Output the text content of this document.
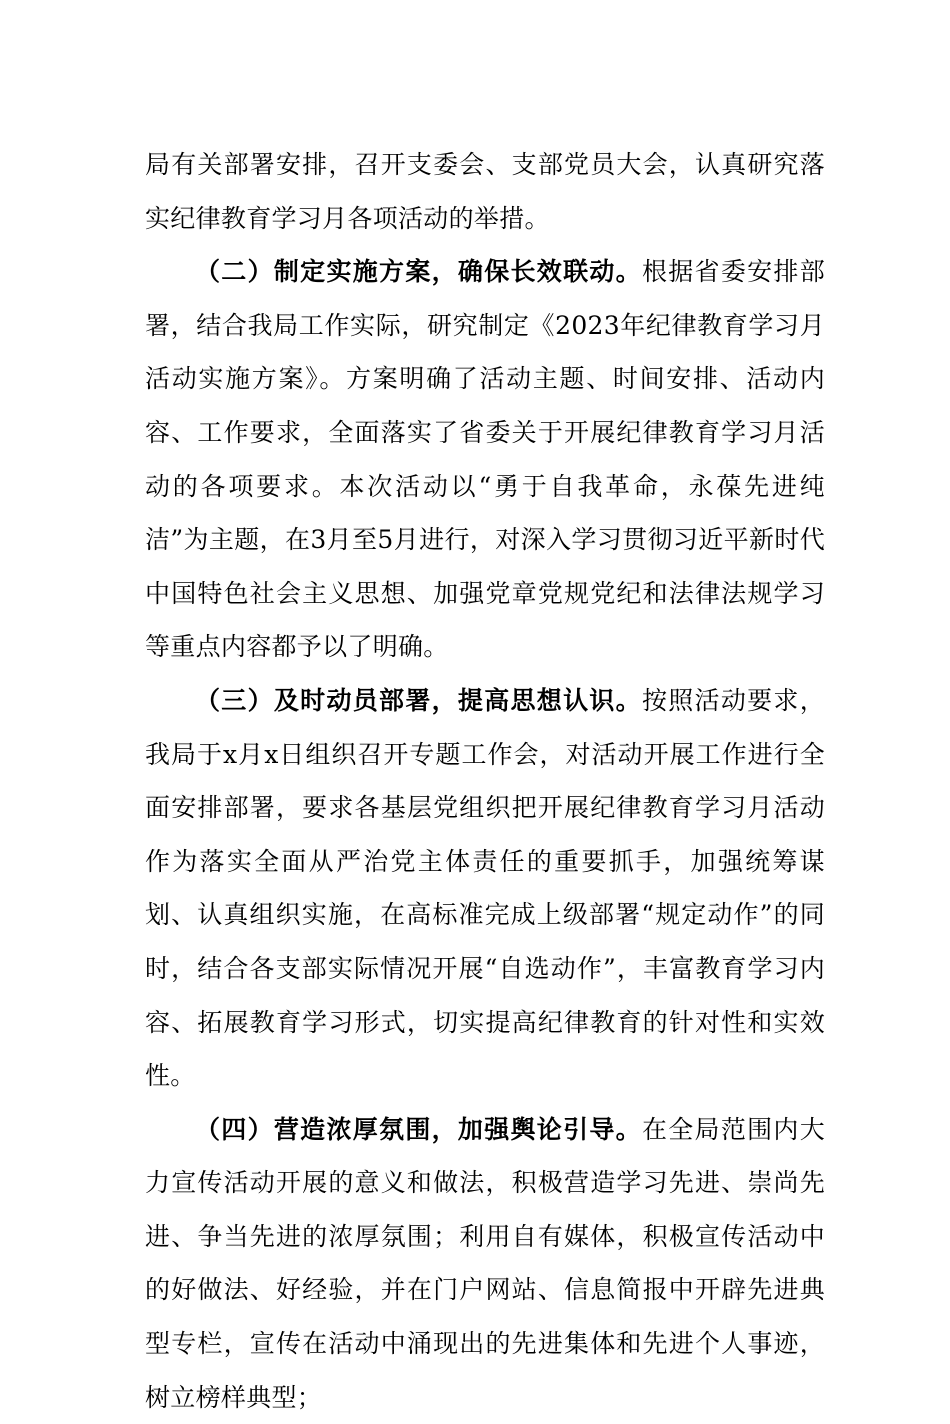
局有关部署安排，召开支委会、支部党员大会，认真研究落实纪律教育学习月各项活动的举措。

（二）制定实施方案，确保长效联动。根据省委安排部署，结合我局工作实际，研究制定《2023年纪律教育学习月活动实施方案》。方案明确了活动主题、时间安排、活动内容、工作要求，全面落实了省委关于开展纪律教育学习月活动的各项要求。本次活动以“勇于自我革命，永葆先进纯洁”为主题，在3月至5月进行，对深入学习贯彻习近平新时代中国特色社会主义思想、加强党章党规党纪和法律法规学习等重点内容都予以了明确。

（三）及时动员部署，提高思想认识。按照活动要求，我局于x月x日组织召开专题工作会，对活动开展工作进行全面安排部署，要求各基层党组织把开展纪律教育学习月活动作为落实全面从严治党主体责任的重要抓手，加强统筹谋划、认真组织实施，在高标准完成上级部署“规定动作”的同时，结合各支部实际情况开展“自选动作”，丰富教育学习内容、拓展教育学习形式，切实提高纪律教育的针对性和实效性。

（四）营造浓厚氛围，加强舆论引导。在全局范围内大力宣传活动开展的意义和做法，积极营造学习先进、崇尚先进、争当先进的浓厚氛围；利用自有媒体，积极宣传活动中的好做法、好经验，并在门户网站、信息简报中开辟先进典型专栏，宣传在活动中涌现出的先进集体和先进个人事迹，树立榜样典型；
